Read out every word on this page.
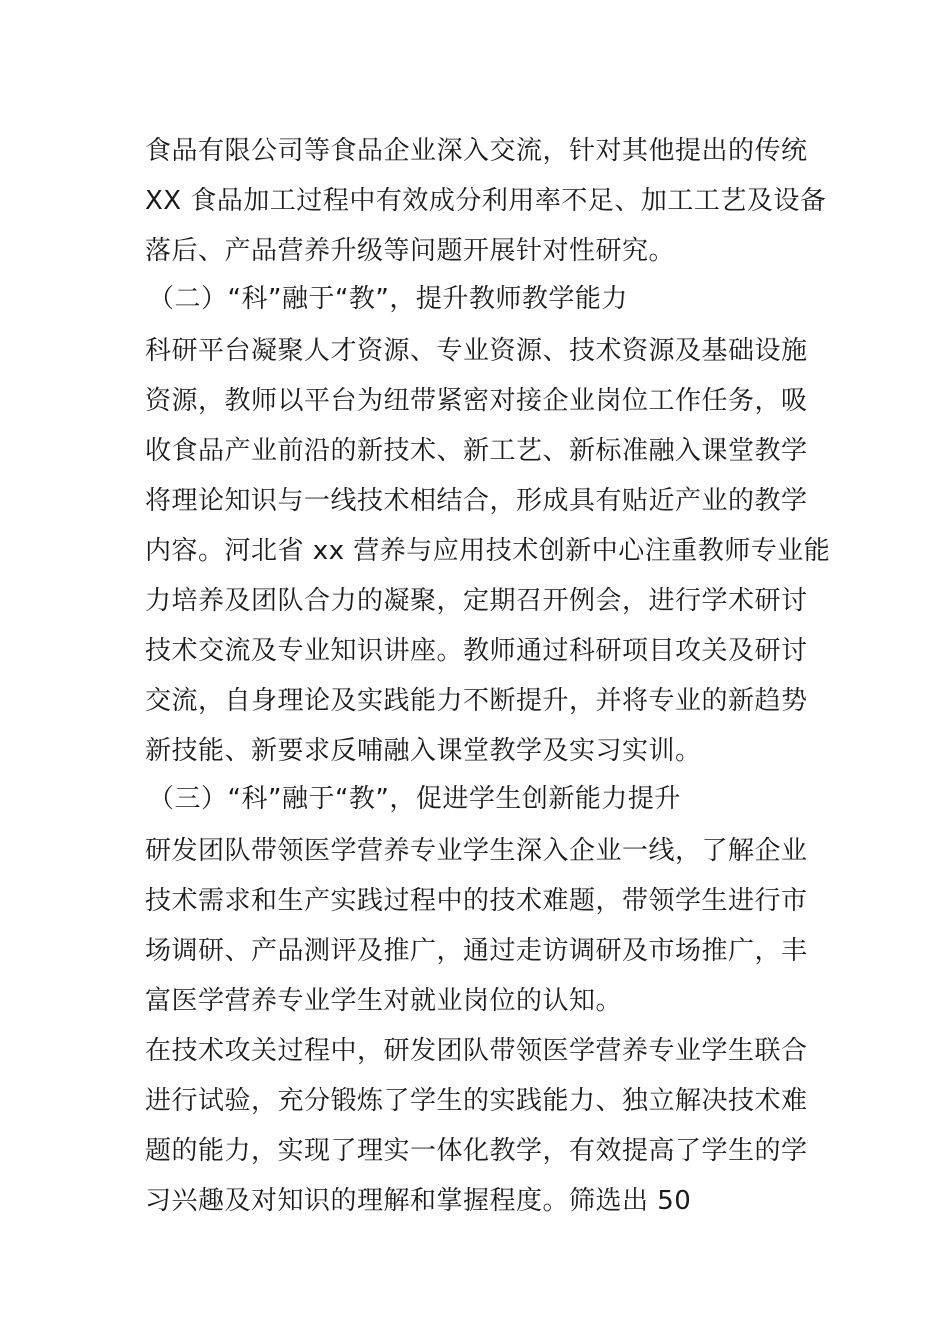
食品有限公司等食品企业深入交流，针对其他提出的传统
XX 食品加工过程中有效成分利用率不足、加工工艺及设备
落后、产品营养升级等问题开展针对性研究。
（二）“科”融于“教”，提升教师教学能力
科研平台凝聚人才资源、专业资源、技术资源及基础设施
资源，教师以平台为纽带紧密对接企业岗位工作任务，吸
收食品产业前沿的新技术、新工艺、新标准融入课堂教学
将理论知识与一线技术相结合，形成具有贴近产业的教学
内容。河北省 xx 营养与应用技术创新中心注重教师专业能
力培养及团队合力的凝聚，定期召开例会，进行学术研讨
技术交流及专业知识讲座。教师通过科研项目攻关及研讨
交流，自身理论及实践能力不断提升，并将专业的新趋势
新技能、新要求反哺融入课堂教学及实习实训。
（三）“科”融于“教”，促进学生创新能力提升
研发团队带领医学营养专业学生深入企业一线，了解企业
技术需求和生产实践过程中的技术难题，带领学生进行市
场调研、产品测评及推广，通过走访调研及市场推广，丰
富医学营养专业学生对就业岗位的认知。
在技术攻关过程中，研发团队带领医学营养专业学生联合
进行试验，充分锻炼了学生的实践能力、独立解决技术难
题的能力，实现了理实一体化教学，有效提高了学生的学
习兴趣及对知识的理解和掌握程度。筛选出 50
